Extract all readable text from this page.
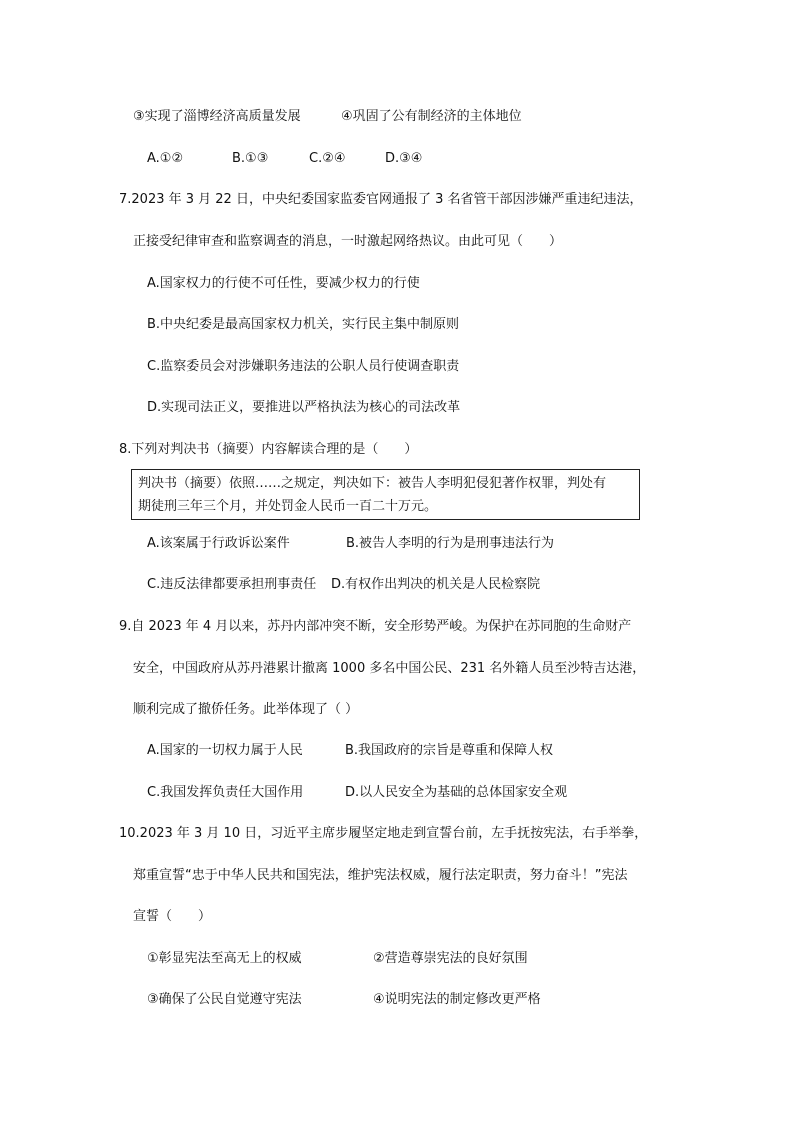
③实现了淄博经济高质量发展	④巩固了公有制经济的主体地位
A.①②	B.①③	C.②④	D.③④
7.2023 年 3 月 22 日，中央纪委国家监委官网通报了 3 名省管干部因涉嫌严重违纪违法，
正接受纪律审查和监察调查的消息，一时激起网络热议。由此可见（　　）
A.国家权力的行使不可任性，要减少权力的行使
B.中央纪委是最高国家权力机关，实行民主集中制原则
C.监察委员会对涉嫌职务违法的公职人员行使调查职责
D.实现司法正义，要推进以严格执法为核心的司法改革
8.下列对判决书（摘要）内容解读合理的是（　　）
判决书（摘要）依照……之规定，判决如下：被告人李明犯侵犯著作权罪，判处有
期徒刑三年三个月，并处罚金人民币一百二十万元。
A.该案属于行政诉讼案件	B.被告人李明的行为是刑事违法行为
C.违反法律都要承担刑事责任 D.有权作出判决的机关是人民检察院
9.自 2023 年 4 月以来，苏丹内部冲突不断，安全形势严峻。为保护在苏同胞的生命财产
安全，中国政府从苏丹港累计撤离 1000 多名中国公民、231 名外籍人员至沙特吉达港，
顺利完成了撤侨任务。此举体现了（ ）
A.国家的一切权力属于人民	B.我国政府的宗旨是尊重和保障人权
C.我国发挥负责任大国作用	D.以人民安全为基础的总体国家安全观
10.2023 年 3 月 10 日，习近平主席步履坚定地走到宣誓台前，左手抚按宪法，右手举拳，
郑重宣誓“忠于中华人民共和国宪法，维护宪法权威，履行法定职责，努力奋斗！”宪法
宣誓（　　）
①彰显宪法至高无上的权威	②营造尊崇宪法的良好氛围
③确保了公民自觉遵守宪法	④说明宪法的制定修改更严格
